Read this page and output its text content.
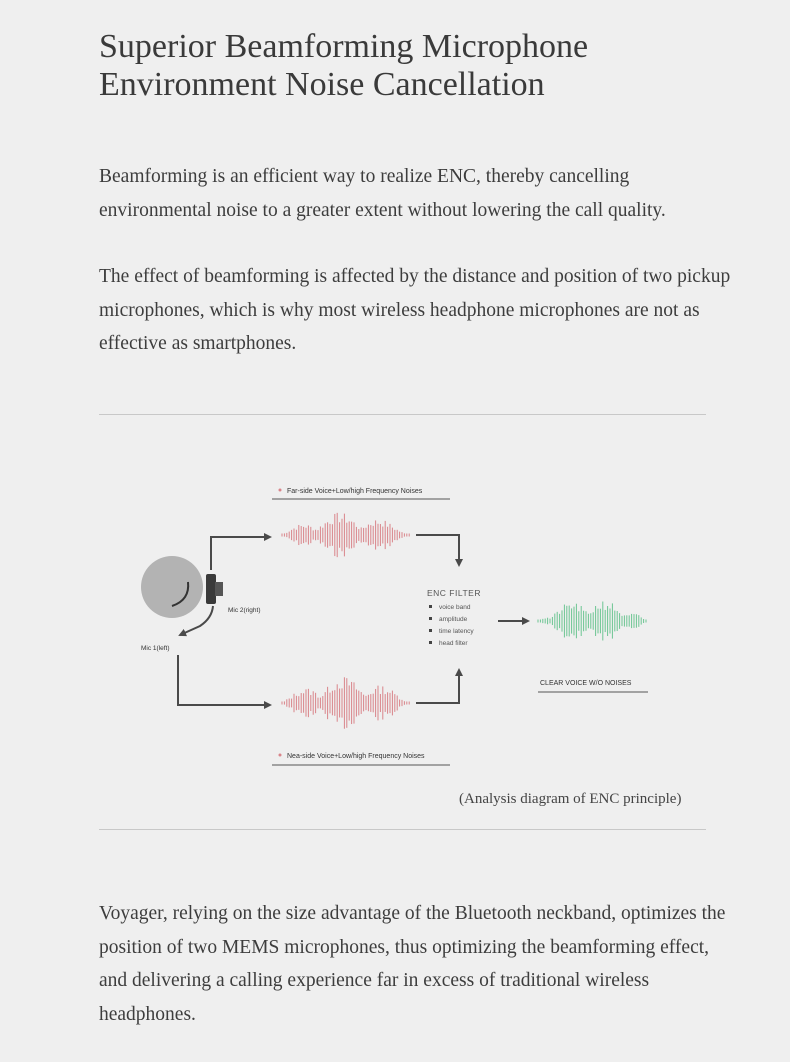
Superior Beamforming Microphone
Environment Noise Cancellation

Beamforming is an efficient way to realize ENC, thereby cancelling environmental noise to a greater extent without lowering the call quality.

The effect of beamforming is affected by the distance and position of two pickup microphones, which is why most wireless headphone microphones are not as effective as smartphones.

Far-side Voice+Low/high Frequency Noises
Mic 2(right)
Mic 1(left)
Nea-side Voice+Low/high Frequency Noises
ENC FILTER
voice band
amplitude
time latency
head filter
CLEAR VOICE W/O NOISES
(Analysis diagram of ENC principle)

Voyager, relying on the size advantage of the Bluetooth neckband, optimizes the position of two MEMS microphones, thus optimizing the beamforming effect, and delivering a calling experience far in excess of traditional wireless headphones.
